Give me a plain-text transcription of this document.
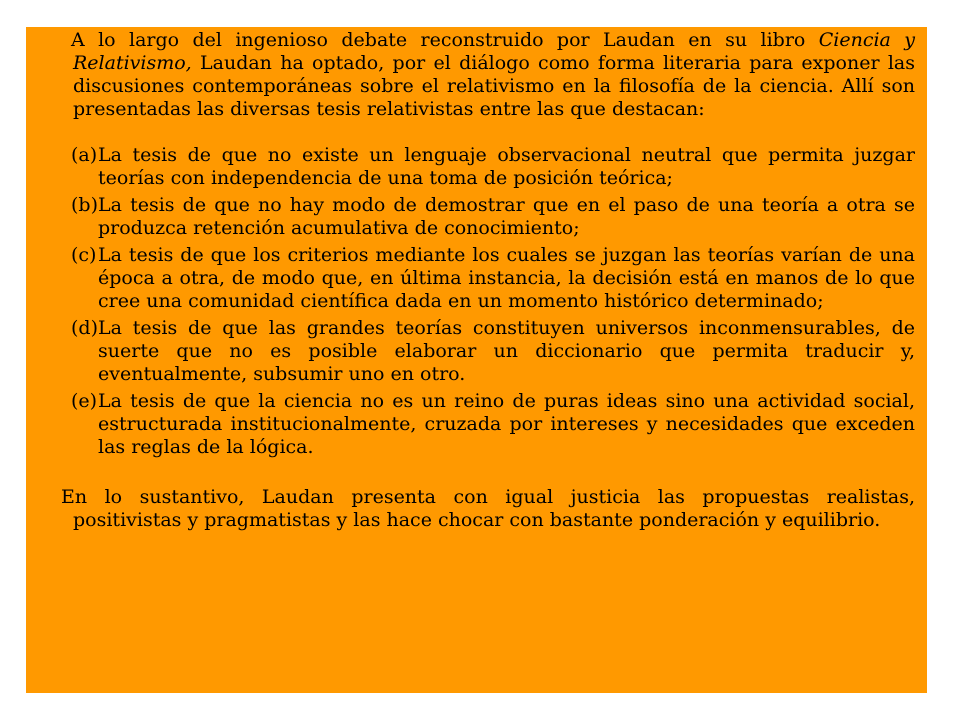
A lo largo del ingenioso debate reconstruido por Laudan en su libro Ciencia y Relativismo, Laudan ha optado, por el diálogo como forma literaria para exponer las discusiones contemporáneas sobre el relativismo en la filosofía de la ciencia. Allí son presentadas las diversas tesis relativistas entre las que destacan:

(a) La tesis de que no existe un lenguaje observacional neutral que permita juzgar teorías con independencia de una toma de posición teórica;
(b) La tesis de que no hay modo de demostrar que en el paso de una teoría a otra se produzca retención acumulativa de conocimiento;
(c) La tesis de que los criterios mediante los cuales se juzgan las teorías varían de una época a otra, de modo que, en última instancia, la decisión está en manos de lo que cree una comunidad científica dada en un momento histórico determinado;
(d) La tesis de que las grandes teorías constituyen universos inconmensurables, de suerte que no es posible elaborar un diccionario que permita traducir y, eventualmente, subsumir uno en otro.
(e) La tesis de que la ciencia no es un reino de puras ideas sino una actividad social, estructurada institucionalmente, cruzada por intereses y necesidades que exceden las reglas de la lógica.

En lo sustantivo, Laudan presenta con igual justicia las propuestas realistas, positivistas y pragmatistas y las hace chocar con bastante ponderación y equilibrio.
